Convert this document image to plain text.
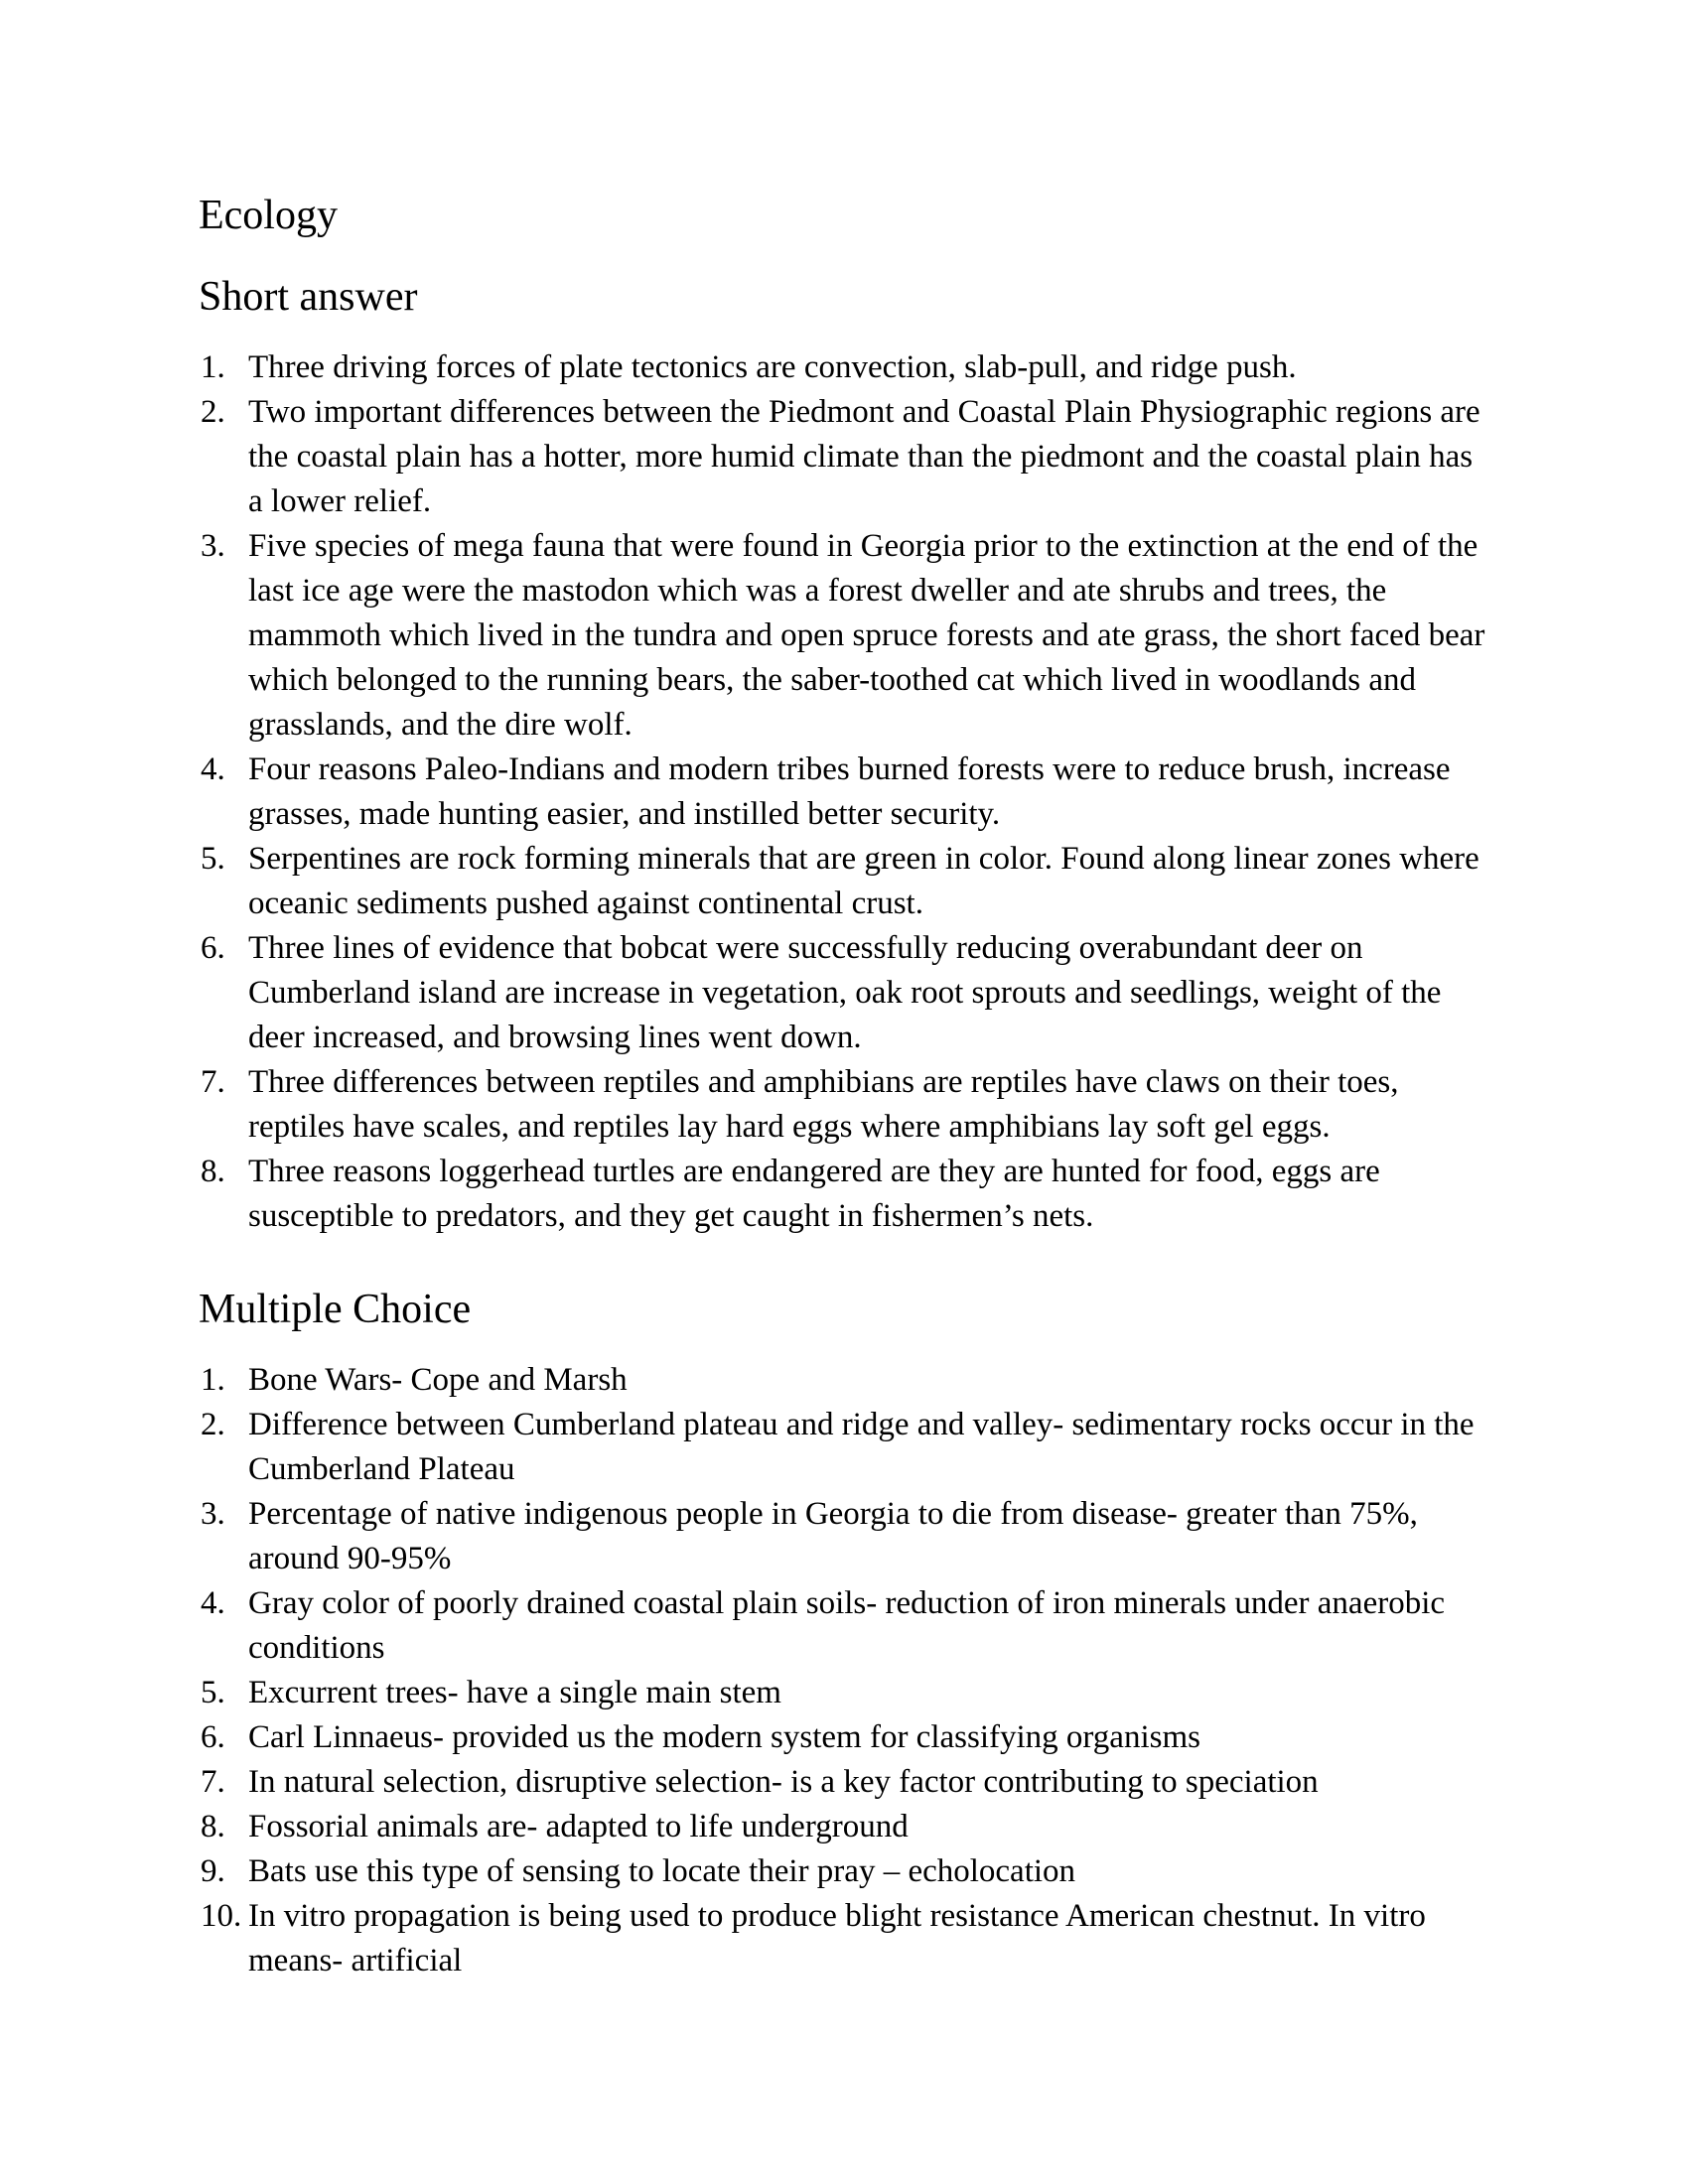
Ecology
Short answer
1. Three driving forces of plate tectonics are convection, slab-pull, and ridge push.
2. Two important differences between the Piedmont and Coastal Plain Physiographic regions are the coastal plain has a hotter, more humid climate than the piedmont and the coastal plain has a lower relief.
3. Five species of mega fauna that were found in Georgia prior to the extinction at the end of the last ice age were the mastodon which was a forest dweller and ate shrubs and trees, the mammoth which lived in the tundra and open spruce forests and ate grass, the short faced bear which belonged to the running bears, the saber-toothed cat which lived in woodlands and grasslands, and the dire wolf.
4. Four reasons Paleo-Indians and modern tribes burned forests were to reduce brush, increase grasses, made hunting easier, and instilled better security.
5. Serpentines are rock forming minerals that are green in color. Found along linear zones where oceanic sediments pushed against continental crust.
6. Three lines of evidence that bobcat were successfully reducing overabundant deer on Cumberland island are increase in vegetation, oak root sprouts and seedlings, weight of the deer increased, and browsing lines went down.
7. Three differences between reptiles and amphibians are reptiles have claws on their toes, reptiles have scales, and reptiles lay hard eggs where amphibians lay soft gel eggs.
8. Three reasons loggerhead turtles are endangered are they are hunted for food, eggs are susceptible to predators, and they get caught in fishermen’s nets.
Multiple Choice
1. Bone Wars- Cope and Marsh
2. Difference between Cumberland plateau and ridge and valley- sedimentary rocks occur in the Cumberland Plateau
3. Percentage of native indigenous people in Georgia to die from disease- greater than 75%, around 90-95%
4. Gray color of poorly drained coastal plain soils- reduction of iron minerals under anaerobic conditions
5. Excurrent trees- have a single main stem
6. Carl Linnaeus- provided us the modern system for classifying organisms
7. In natural selection, disruptive selection- is a key factor contributing to speciation
8. Fossorial animals are- adapted to life underground
9. Bats use this type of sensing to locate their pray – echolocation
10. In vitro propagation is being used to produce blight resistance American chestnut. In vitro means- artificial
